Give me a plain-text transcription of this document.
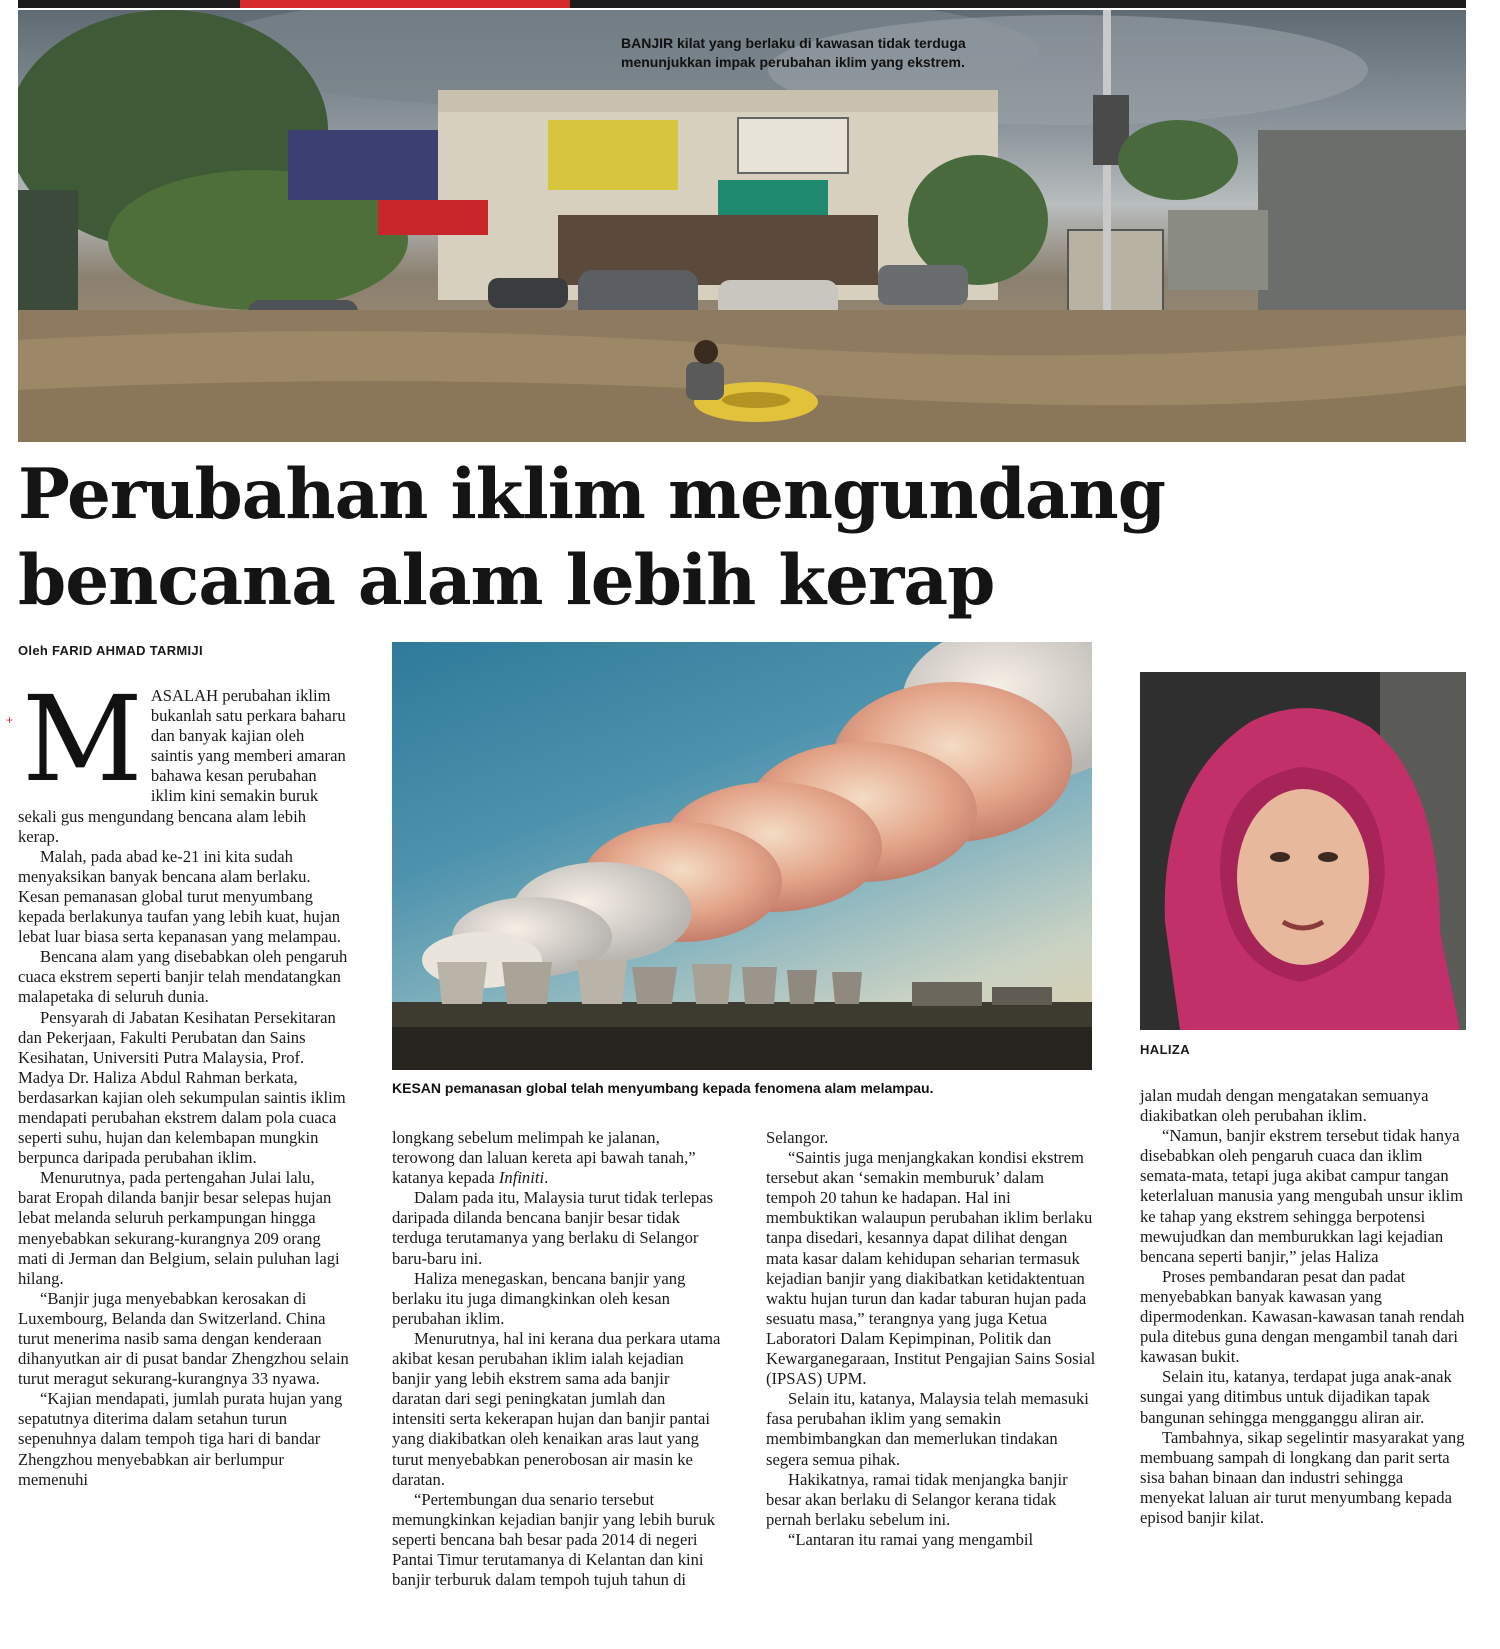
BANJIR kilat yang berlaku di kawasan tidak terduga menunjukkan impak perubahan iklim yang ekstrem.
Perubahan iklim mengundang bencana alam lebih kerap
Oleh FARID AHMAD TARMIJI
+ M ASALAH perubahan iklim bukanlah satu perkara baharu dan banyak kajian oleh saintis yang memberi amaran bahawa kesan perubahan iklim kini semakin buruk sekali gus mengundang bencana alam lebih kerap.

Malah, pada abad ke-21 ini kita sudah menyaksikan banyak bencana alam berlaku. Kesan pemanasan global turut menyumbang kepada berlakunya taufan yang lebih kuat, hujan lebat luar biasa serta kepanasan yang melampau.

Bencana alam yang disebabkan oleh pengaruh cuaca ekstrem seperti banjir telah mendatangkan malapetaka di seluruh dunia.

Pensyarah di Jabatan Kesihatan Persekitaran dan Pekerjaan, Fakulti Perubatan dan Sains Kesihatan, Universiti Putra Malaysia, Prof. Madya Dr. Haliza Abdul Rahman berkata, berdasarkan kajian oleh sekumpulan saintis iklim mendapati perubahan ekstrem dalam pola cuaca seperti suhu, hujan dan kelembapan mungkin berpunca daripada perubahan iklim.

Menurutnya, pada pertengahan Julai lalu, barat Eropah dilanda banjir besar selepas hujan lebat melanda seluruh perkampungan hingga menyebabkan sekurang-kurangnya 209 orang mati di Jerman dan Belgium, selain puluhan lagi hilang.

“Banjir juga menyebabkan kerosakan di Luxembourg, Belanda dan Switzerland. China turut menerima nasib sama dengan kenderaan dihanyutkan air di pusat bandar Zhengzhou selain turut meragut sekurang-kurangnya 33 nyawa.

“Kajian mendapati, jumlah purata hujan yang sepatutnya diterima dalam setahun turun sepenuhnya dalam tempoh tiga hari di bandar Zhengzhou menyebabkan air berlumpur memenuhi

KESAN pemanasan global telah menyumbang kepada fenomena alam melampau.
HALIZA

longkang sebelum melimpah ke jalanan, terowong dan laluan kereta api bawah tanah,” katanya kepada Infiniti.

Dalam pada itu, Malaysia turut tidak terlepas daripada dilanda bencana banjir besar tidak terduga terutamanya yang berlaku di Selangor baru-baru ini.

Haliza menegaskan, bencana banjir yang berlaku itu juga dimangkinkan oleh kesan perubahan iklim.

Menurutnya, hal ini kerana dua perkara utama akibat kesan perubahan iklim ialah kejadian banjir yang lebih ekstrem sama ada banjir daratan dari segi peningkatan jumlah dan intensiti serta kekerapan hujan dan banjir pantai yang diakibatkan oleh kenaikan aras laut yang turut menyebabkan penerobosan air masin ke daratan.

“Pertembungan dua senario tersebut memungkinkan kejadian banjir yang lebih buruk seperti bencana bah besar pada 2014 di negeri Pantai Timur terutamanya di Kelantan dan kini banjir terburuk dalam tempoh tujuh tahun di

Selangor.

“Saintis juga menjangkakan kondisi ekstrem tersebut akan ‘semakin memburuk’ dalam tempoh 20 tahun ke hadapan. Hal ini membuktikan walaupun perubahan iklim berlaku tanpa disedari, kesannya dapat dilihat dengan mata kasar dalam kehidupan seharian termasuk kejadian banjir yang diakibatkan ketidaktentuan waktu hujan turun dan kadar taburan hujan pada sesuatu masa,” terangnya yang juga Ketua Laboratori Dalam Kepimpinan, Politik dan Kewarganegaraan, Institut Pengajian Sains Sosial (IPSAS) UPM.

Selain itu, katanya, Malaysia telah memasuki fasa perubahan iklim yang semakin membimbangkan dan memerlukan tindakan segera semua pihak.

Hakikatnya, ramai tidak menjangka banjir besar akan berlaku di Selangor kerana tidak pernah berlaku sebelum ini.

“Lantaran itu ramai yang mengambil

jalan mudah dengan mengatakan semuanya diakibatkan oleh perubahan iklim.

“Namun, banjir ekstrem tersebut tidak hanya disebabkan oleh pengaruh cuaca dan iklim semata-mata, tetapi juga akibat campur tangan keterlaluan manusia yang mengubah unsur iklim ke tahap yang ekstrem sehingga berpotensi mewujudkan dan memburukkan lagi kejadian bencana seperti banjir,” jelas Haliza

Proses pembandaran pesat dan padat menyebabkan banyak kawasan yang dipermodenkan. Kawasan-kawasan tanah rendah pula ditebus guna dengan mengambil tanah dari kawasan bukit.

Selain itu, katanya, terdapat juga anak-anak sungai yang ditimbus untuk dijadikan tapak bangunan sehingga mengganggu aliran air.

Tambahnya, sikap segelintir masyarakat yang membuang sampah di longkang dan parit serta sisa bahan binaan dan industri sehingga menyekat laluan air turut menyumbang kepada episod banjir kilat.
